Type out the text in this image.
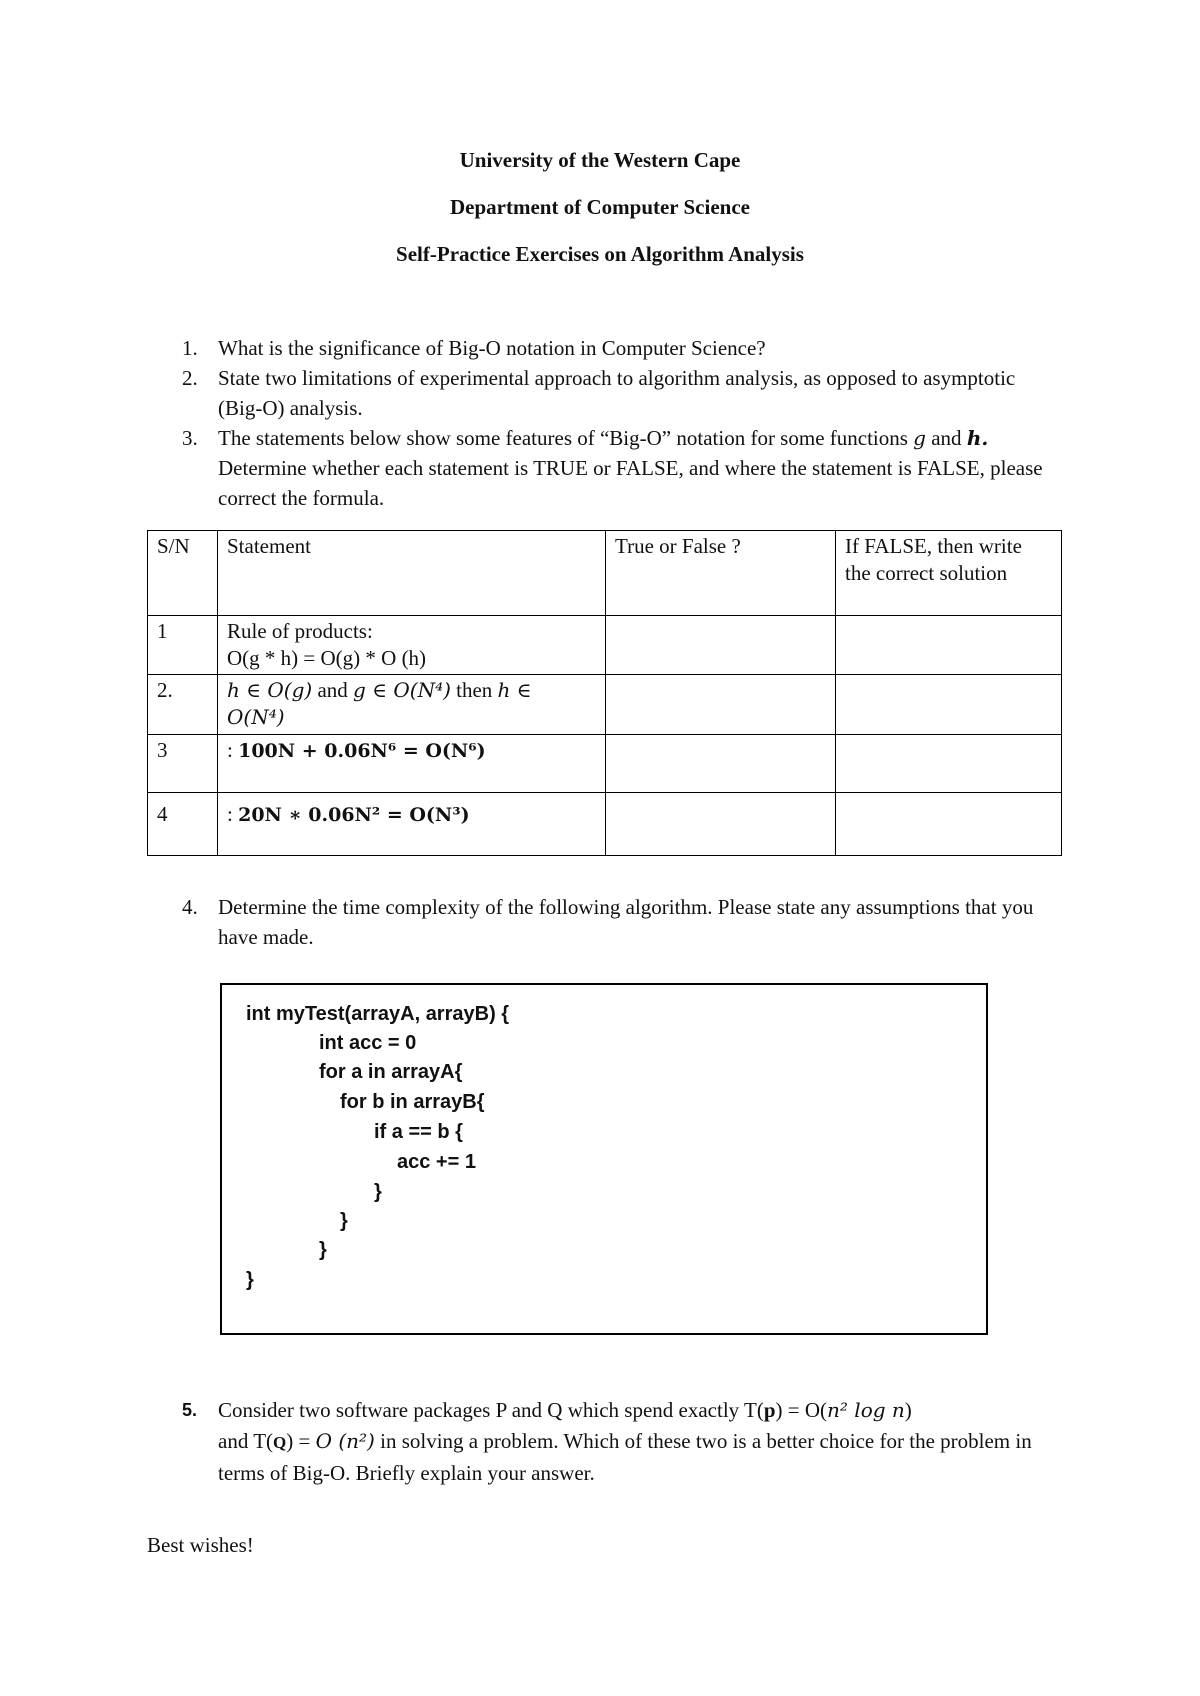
University of the Western Cape
Department of Computer Science
Self-Practice Exercises on Algorithm Analysis
1. What is the significance of Big-O notation in Computer Science?
2. State two limitations of experimental approach to algorithm analysis, as opposed to asymptotic (Big-O) analysis.
3. The statements below show some features of “Big-O” notation for some functions g and h. Determine whether each statement is TRUE or FALSE, and where the statement is FALSE, please correct the formula.
S/N	Statement	True or False ?	If FALSE, then write the correct solution
1	Rule of products:
O(g * h) = O(g) * O (h)		

2.	h ∈ O(g) and g ∈ O(N⁴) then h ∈
O(N⁴)		

3	: 100N + 0.06N⁶ = O(N⁶)		
4	: 20N ∗ 0.06N² = O(N³)		
4. Determine the time complexity of the following algorithm. Please state any assumptions that you have made.
int myTest(arrayA, arrayB) {
int acc = 0
for a in arrayA{
for b in arrayB{
if a == b {
acc += 1
}
}
}
}
5. Consider two software packages P and Q which spend exactly T(p) = O(n² log n)
and T(Q) = O (n²) in solving a problem. Which of these two is a better choice for the problem in terms of Big-O. Briefly explain your answer.
Best wishes!
